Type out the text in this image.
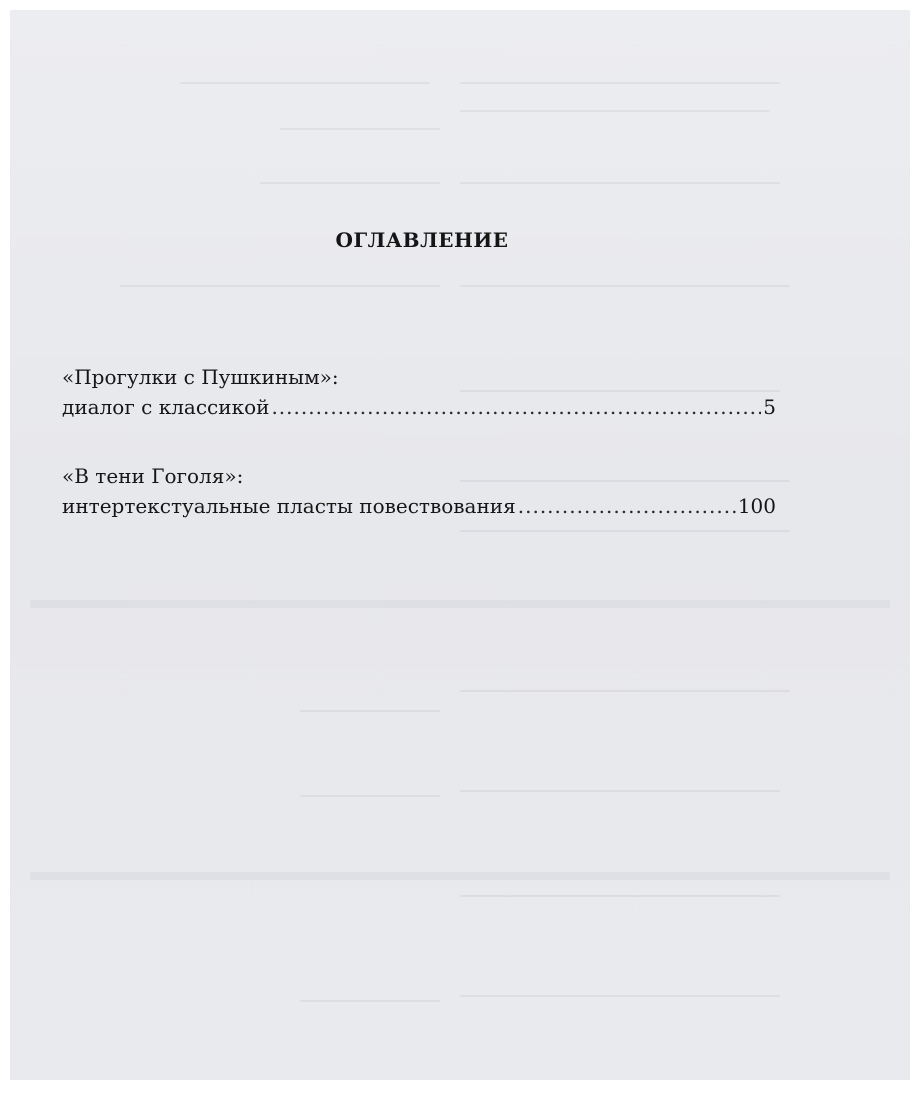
ОГЛАВЛЕНИЕ
«Прогулки с Пушкиным»:
диалог с классикой .....	5
«В тени Гоголя»:
интертекстуальные пласты повествования .....	100
